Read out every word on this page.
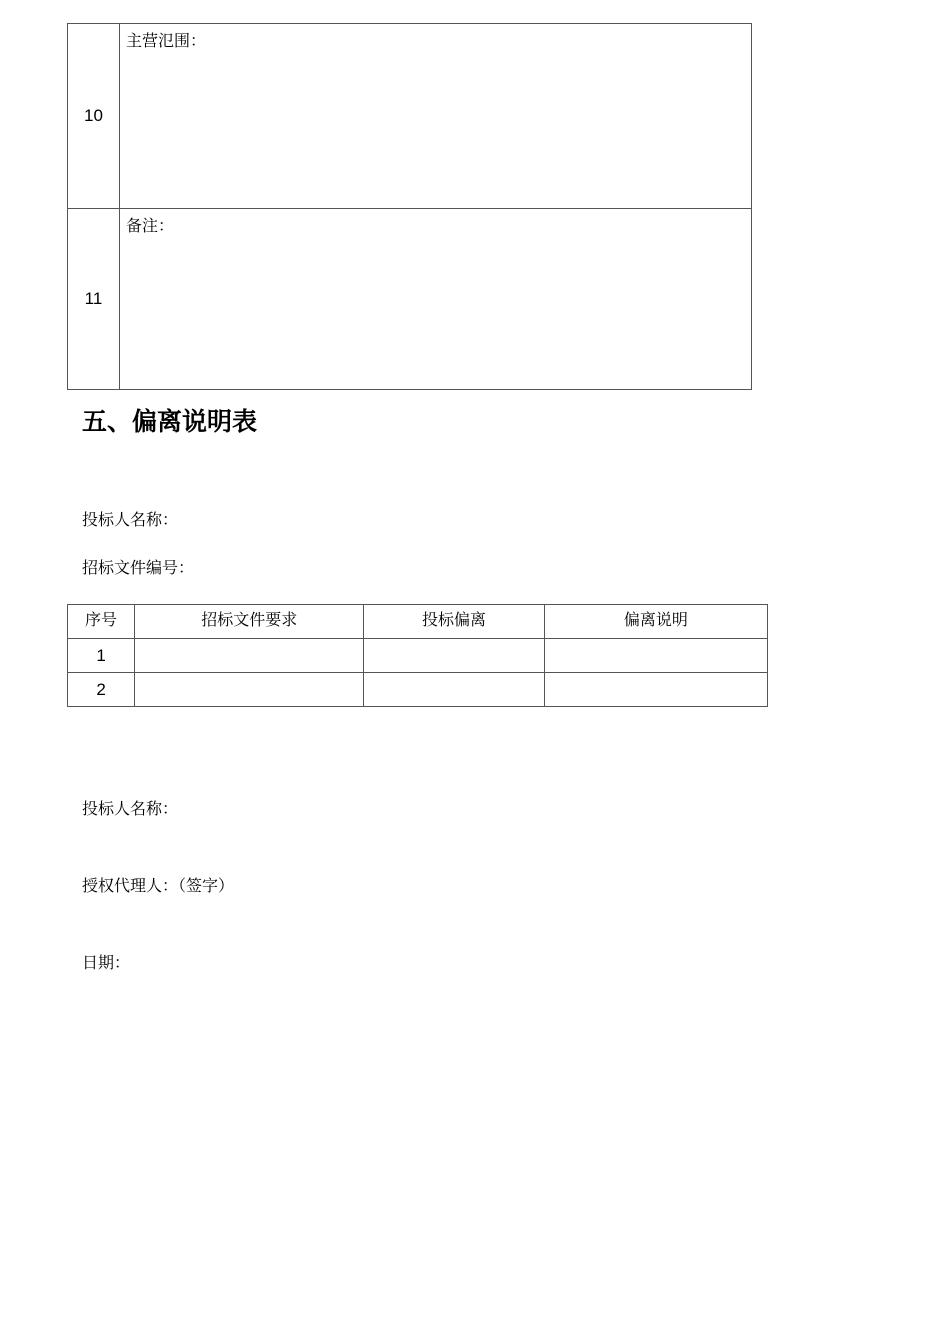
10	主营氾围：
11	备注：
五、偏离说明表
投标人名称：
招标文件编号：
序号	招标文件要求	投标偏离	偏离说明
1			
2			
投标人名称：
授权代理人：（签字）
日期：
